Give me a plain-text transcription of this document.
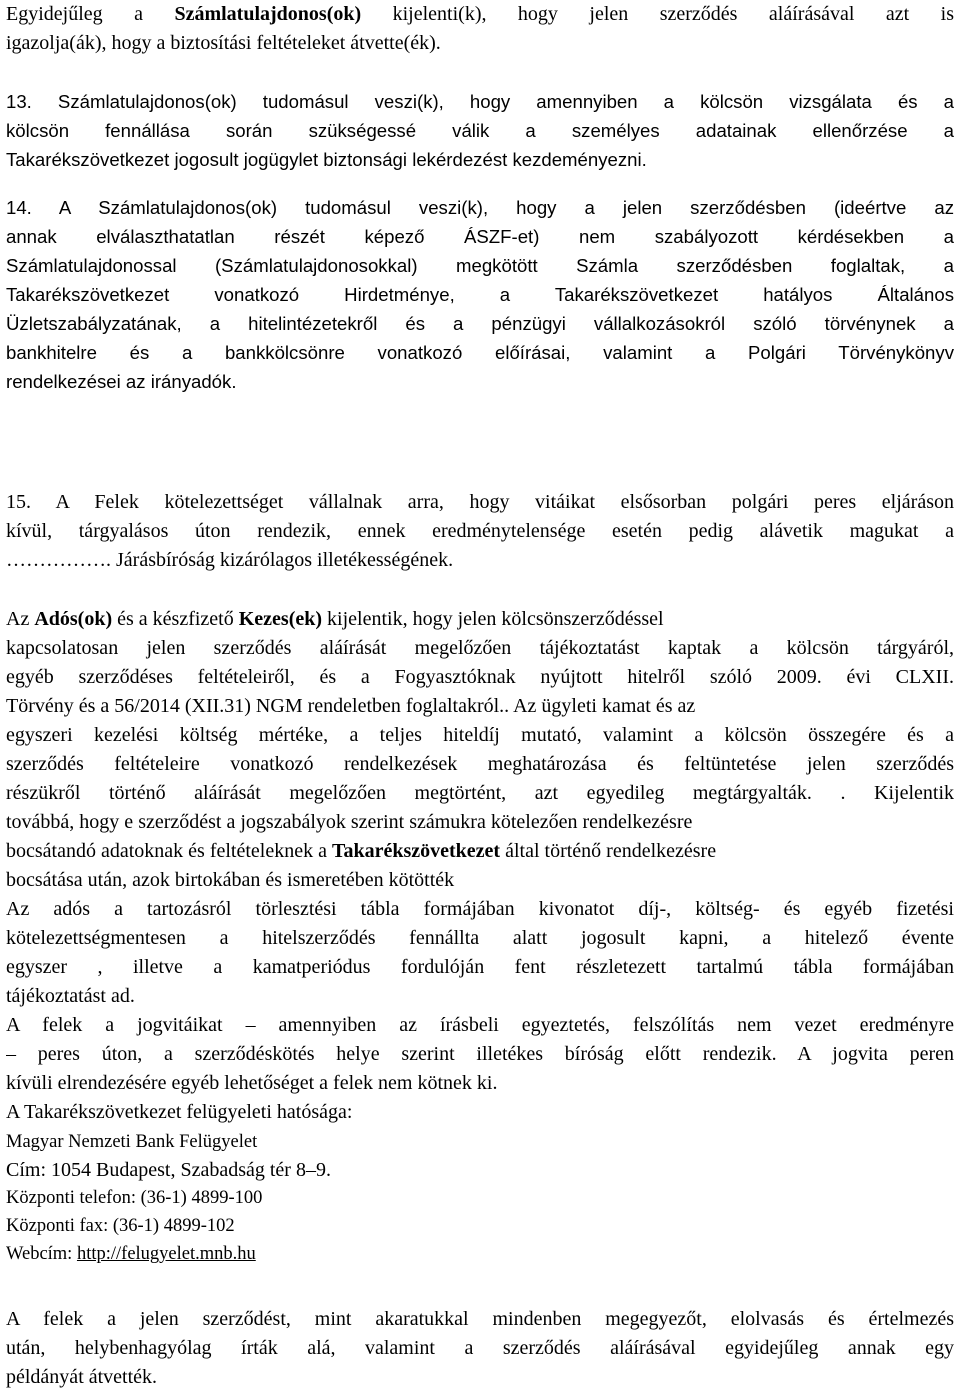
Egyidejűleg a Számlatulajdonos(ok) kijelenti(k), hogy jelen szerződés aláírásával azt is
igazolja(ák), hogy a biztosítási feltételeket átvette(ék).
13. Számlatulajdonos(ok) tudomásul veszi(k), hogy amennyiben a kölcsön vizsgálata és a
kölcsön fennállása során szükségessé válik a személyes adatainak ellenőrzése a
Takarékszövetkezet jogosult jogügylet biztonsági lekérdezést kezdeményezni.
14. A Számlatulajdonos(ok) tudomásul veszi(k), hogy a jelen szerződésben (ideértve az
annak elválaszthatatlan részét képező ÁSZF-et) nem szabályozott kérdésekben a
Számlatulajdonossal (Számlatulajdonosokkal) megkötött Számla szerződésben foglaltak, a
Takarékszövetkezet vonatkozó Hirdetménye, a Takarékszövetkezet hatályos Általános
Üzletszabályzatának, a hitelintézetekről és a pénzügyi vállalkozásokról szóló törvénynek a
bankhitelre és a bankkölcsönre vonatkozó előírásai, valamint a Polgári Törvénykönyv
rendelkezései az irányadók.
15. A Felek kötelezettséget vállalnak arra, hogy vitáikat elsősorban polgári peres eljáráson
kívül, tárgyalásos úton rendezik, ennek eredménytelensége esetén pedig alávetik magukat a
……………. Járásbíróság kizárólagos illetékességének.
Az Adós(ok) és a készfizető Kezes(ek) kijelentik, hogy jelen kölcsönszerződéssel
kapcsolatosan jelen szerződés aláírását megelőzően tájékoztatást kaptak a kölcsön tárgyáról,
egyéb szerződéses feltételeiről, és a Fogyasztóknak nyújtott hitelről szóló 2009. évi CLXII.
Törvény és a 56/2014 (XII.31) NGM rendeletben foglaltakról.. Az ügyleti kamat és az
egyszeri kezelési költség mértéke, a teljes hiteldíj mutató, valamint a kölcsön összegére és a
szerződés feltételeire vonatkozó rendelkezések meghatározása és feltüntetése jelen szerződés
részükről történő aláírását megelőzően megtörtént, azt egyedileg megtárgyalták. . Kijelentik
továbbá, hogy e szerződést a jogszabályok szerint számukra kötelezően rendelkezésre
bocsátandó adatoknak és feltételeknek a Takarékszövetkezet által történő rendelkezésre
bocsátása után, azok birtokában és ismeretében kötötték
Az adós a tartozásról törlesztési tábla formájában kivonatot díj-, költség- és egyéb fizetési
kötelezettségmentesen a hitelszerződés fennállta alatt jogosult kapni, a hitelező évente
egyszer , illetve a kamatperiódus fordulóján fent részletezett tartalmú tábla formájában
tájékoztatást ad.
A felek a jogvitáikat – amennyiben az írásbeli egyeztetés, felszólítás nem vezet eredményre
– peres úton, a szerződéskötés helye szerint illetékes bíróság előtt rendezik. A jogvita peren
kívüli elrendezésére egyéb lehetőséget a felek nem kötnek ki.
A Takarékszövetkezet felügyeleti hatósága:
Magyar Nemzeti Bank Felügyelet
Cím: 1054 Budapest, Szabadság tér 8–9.
Központi telefon: (36-1) 4899-100
Központi fax: (36-1) 4899-102
Webcím: http://felugyelet.mnb.hu
A felek a jelen szerződést, mint akaratukkal mindenben megegyezőt, elolvasás és értelmezés
után, helybenhagyólag írták alá, valamint a szerződés aláírásával egyidejűleg annak egy
példányát átvették.
